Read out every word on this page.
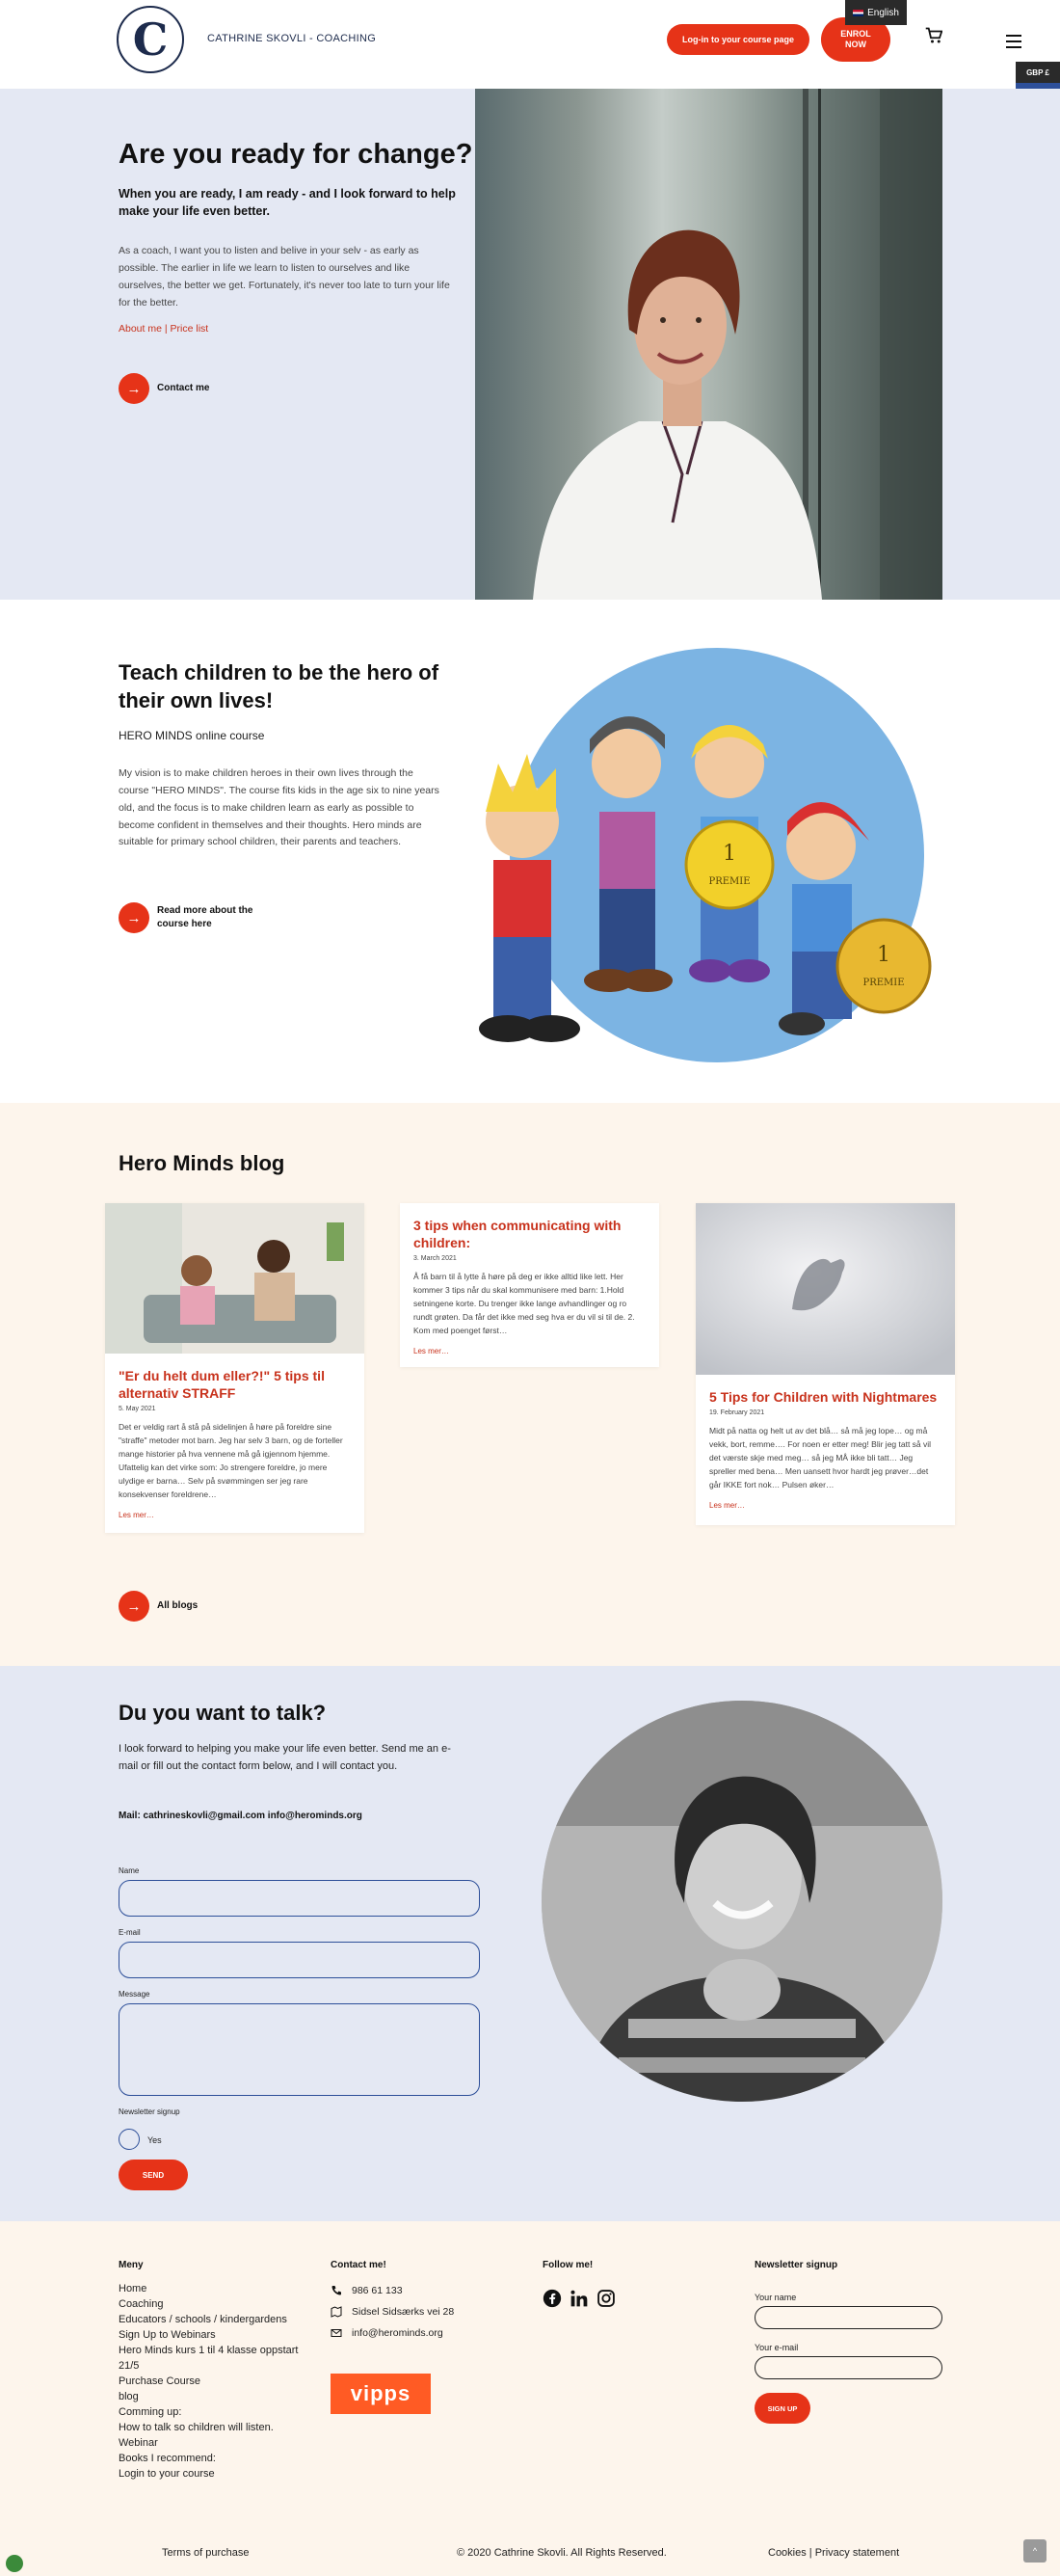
C	CATHRINE SKOVLI - COACHING	Log-in to your course page
ENROL
NOW
English
GBP £
Are you ready for change?

When you are ready, I am ready - and I look forward to help make your life even better.

As a coach, I want you to listen and belive in your selv - as early as possible. The earlier in life we learn to listen to ourselves and like ourselves, the better we get. Fortunately, it's never too late to turn your life for the better.

About me | Price list
→	Contact me
Teach children to be the hero of their own lives!
HERO MINDS online course

My vision is to make children heroes in their own lives through the course "HERO MINDS". The course fits kids in the age six to nine years old, and the focus is to make children learn as early as possible to become confident in themselves and their thoughts. Hero minds are suitable for primary school children, their parents and teachers.

→	Read more about the
course here
1
PREMIE
1
PREMIE
Hero Minds blog
"Er du helt dum eller?!" 5 tips til alternativ STRAFF
5. May 2021
Det er veldig rart å stå på sidelinjen å høre på foreldre sine "straffe" metoder mot barn. Jeg har selv 3 barn, og de forteller mange historier på hva vennene må gå igjennom hjemme. Ufattelig kan det virke som: Jo strengere foreldre, jo mere ulydige er barna… Selv på svømmingen ser jeg rare konsekvenser foreldrene…
Les mer…
3 tips when communicating with children:
3. March 2021
Å få barn til å lytte å høre på deg er ikke alltid like lett. Her kommer 3 tips når du skal kommunisere med barn: 1.Hold setningene korte. Du trenger ikke lange avhandlinger og ro rundt grøten. Da får det ikke med seg hva er du vil si til de. 2. Kom med poenget først…
Les mer…
5 Tips for Children with Nightmares
19. February 2021
Midt på natta og helt ut av det blå… så må jeg lope… og må vekk, bort, remme…. For noen er etter meg! Blir jeg tatt så vil det værste skje med meg… så jeg MÅ ikke bli tatt… Jeg spreller med bena… Men uansett hvor hardt jeg prøver…det går IKKE fort nok… Pulsen øker…
Les mer…
→	All blogs
Du you want to talk?

I look forward to helping you make your life even better. Send me an e-mail or fill out the contact form below, and I will contact you.

Mail: cathrineskovli@gmail.com info@herominds.org
Name
E-mail
Message
Newsletter signup
Yes
SEND
Meny
Home
Coaching
Educators / schools / kindergardens
Sign Up to Webinars
Hero Minds kurs 1 til 4 klasse oppstart
21/5
Purchase Course
blog
Comming up:
How to talk so children will listen.
Webinar
Books I recommend:
Login to your course
Contact me!
986 61 133
Sidsel Sidsærks vei 28
info@herominds.org
vipps
Follow me!	Newsletter signup
Your name
Your e-mail
SIGN UP
Terms of purchase	© 2020 Cathrine Skovli. All Rights Reserved.	Cookies | Privacy statement	^
